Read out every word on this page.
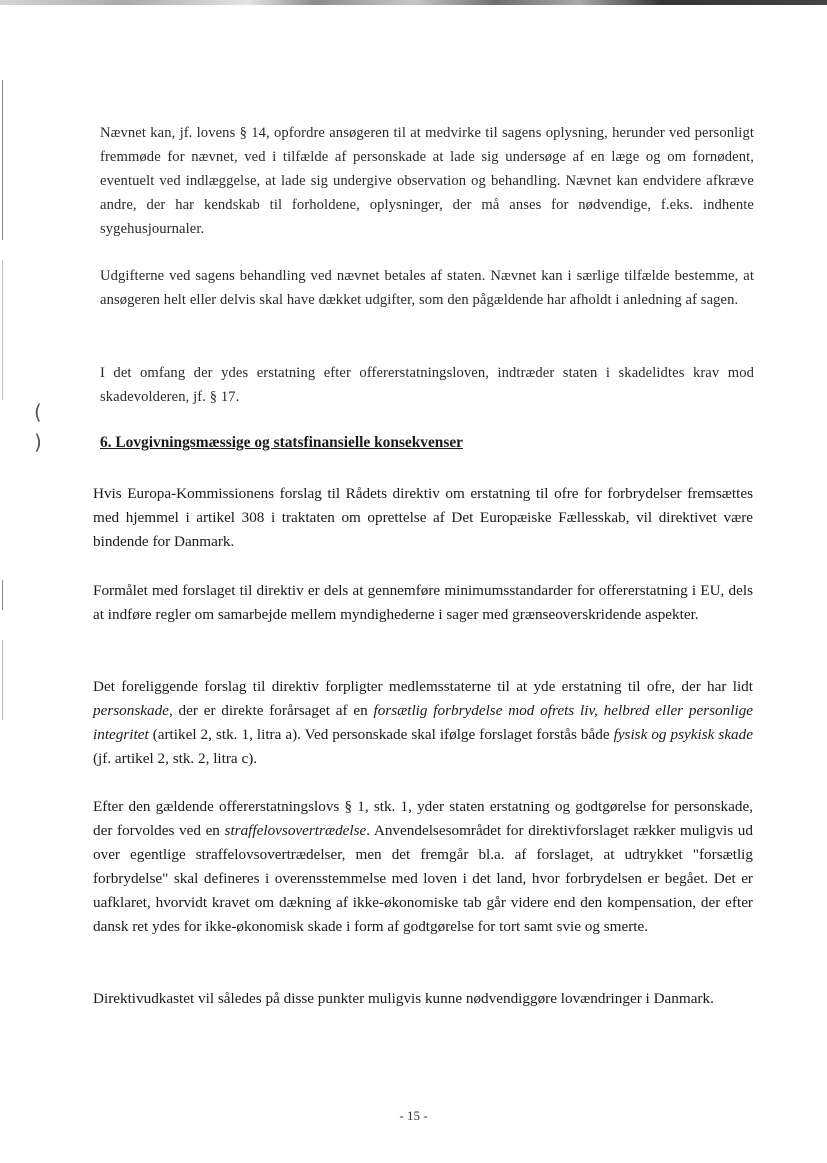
( )

Nævnet kan, jf. lovens § 14, opfordre ansøgeren til at medvirke til sagens oplysning, herunder ved personligt fremmøde for nævnet, ved i tilfælde af personskade at lade sig undersøge af en læge og om fornødent, eventuelt ved indlæggelse, at lade sig undergive observation og behandling. Nævnet kan endvidere afkræve andre, der har kendskab til forholdene, oplysninger, der må anses for nødvendige, f.eks. indhente sygehusjournaler.

Udgifterne ved sagens behandling ved nævnet betales af staten. Nævnet kan i særlige tilfælde bestemme, at ansøgeren helt eller delvis skal have dækket udgifter, som den pågældende har afholdt i anledning af sagen.

I det omfang der ydes erstatning efter offererstatningsloven, indtræder staten i skadelidtes krav mod skadevolderen, jf. § 17.

6. Lovgivningsmæssige og statsfinansielle konsekvenser

Hvis Europa-Kommissionens forslag til Rådets direktiv om erstatning til ofre for forbrydelser fremsættes med hjemmel i artikel 308 i traktaten om oprettelse af Det Europæiske Fællesskab, vil direktivet være bindende for Danmark.

Formålet med forslaget til direktiv er dels at gennemføre minimumsstandarder for offererstatning i EU, dels at indføre regler om samarbejde mellem myndighederne i sager med grænseoverskridende aspekter.

Det foreliggende forslag til direktiv forpligter medlemsstaterne til at yde erstatning til ofre, der har lidt personskade, der er direkte forårsaget af en forsætlig forbrydelse mod ofrets liv, helbred eller personlige integritet (artikel 2, stk. 1, litra a). Ved personskade skal ifølge forslaget forstås både fysisk og psykisk skade (jf. artikel 2, stk. 2, litra c).

Efter den gældende offererstatningslovs § 1, stk. 1, yder staten erstatning og godtgørelse for personskade, der forvoldes ved en straffelovsovertrædelse. Anvendelsesområdet for direktivforslaget rækker muligvis ud over egentlige straffelovsovertrædelser, men det fremgår bl.a. af forslaget, at udtrykket "forsætlig forbrydelse" skal defineres i overensstemmelse med loven i det land, hvor forbrydelsen er begået. Det er uafklaret, hvorvidt kravet om dækning af ikke-økonomiske tab går videre end den kompensation, der efter dansk ret ydes for ikke-økonomisk skade i form af godtgørelse for tort samt svie og smerte.

Direktivudkastet vil således på disse punkter muligvis kunne nødvendiggøre lovændringer i Danmark.

- 15 -
